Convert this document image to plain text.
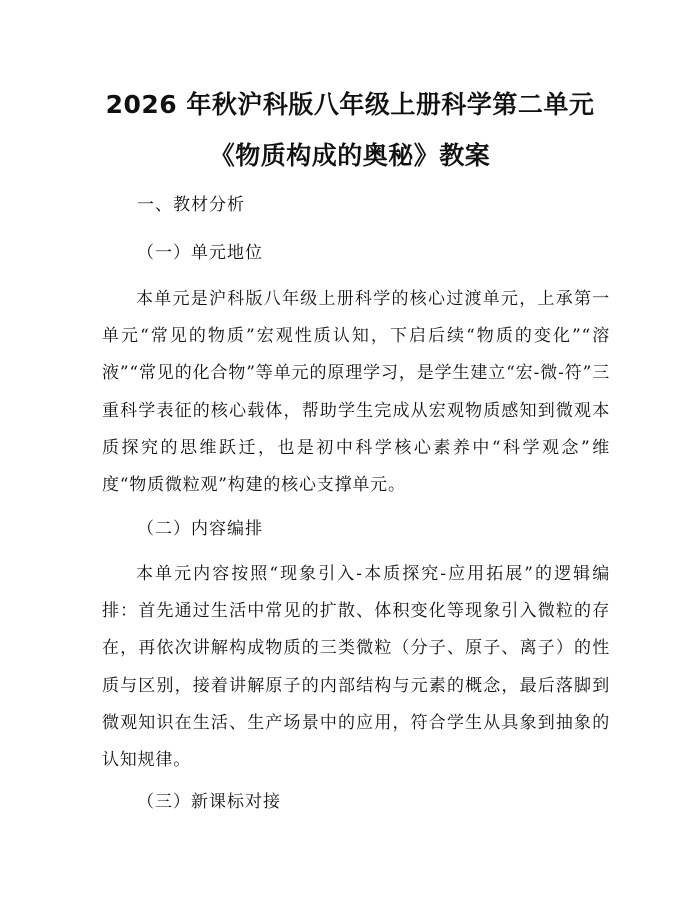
2026 年秋沪科版八年级上册科学第二单元
《物质构成的奥秘》教案
一、教材分析
（一）单元地位
本单元是沪科版八年级上册科学的核心过渡单元，上承第一单元“常见的物质”宏观性质认知，下启后续“物质的变化”“溶液”“常见的化合物”等单元的原理学习，是学生建立“宏-微-符”三重科学表征的核心载体，帮助学生完成从宏观物质感知到微观本质探究的思维跃迁，也是初中科学核心素养中“科学观念”维度“物质微粒观”构建的核心支撑单元。
（二）内容编排
本单元内容按照“现象引入-本质探究-应用拓展”的逻辑编排：首先通过生活中常见的扩散、体积变化等现象引入微粒的存在，再依次讲解构成物质的三类微粒（分子、原子、离子）的性质与区别，接着讲解原子的内部结构与元素的概念，最后落脚到微观知识在生活、生产场景中的应用，符合学生从具象到抽象的认知规律。
（三）新课标对接
